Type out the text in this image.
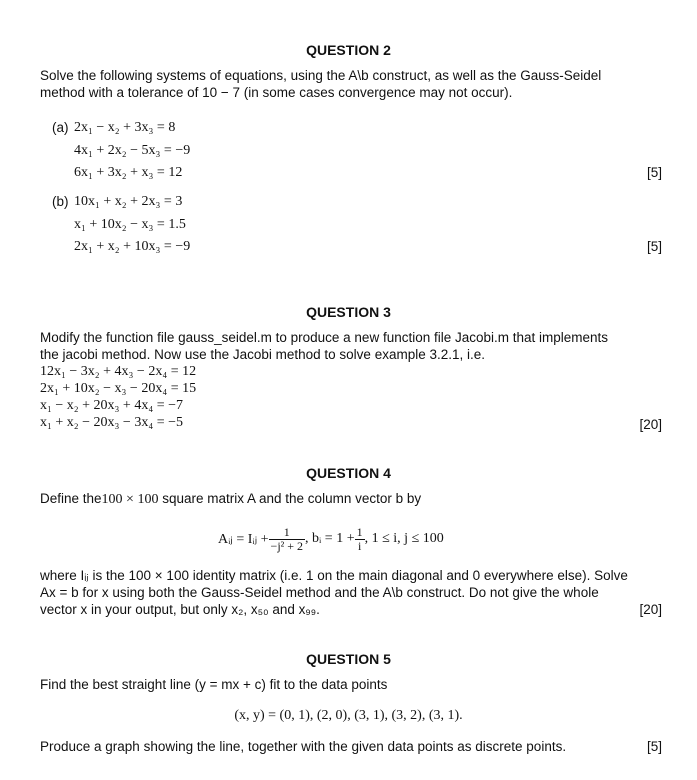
QUESTION 2
Solve the following systems of equations, using the A\b construct, as well as the Gauss-Seidel
method with a tolerance of 10 − 7 (in some cases convergence may not occur).
(a) 2x₁ − x₂ + 3x₃ = 8
4x₁ + 2x₂ − 5x₃ = −9
6x₁ + 3x₂ + x₃ = 12	[5]
(b) 10x₁ + x₂ + 2x₃ = 3
x₁ + 10x₂ − x₃ = 1.5
2x₁ + x₂ + 10x₃ = −9	[5]
QUESTION 3
Modify the function file gauss_seidel.m to produce a new function file Jacobi.m that implements
the jacobi method. Now use the Jacobi method to solve example 3.2.1, i.e.
12x₁ − 3x₂ + 4x₃ − 2x₄ = 12
2x₁ + 10x₂ − x₃ − 20x₄ = 15
x₁ − x₂ + 20x₃ + 4x₄ = −7
x₁ + x₂ − 20x₃ − 3x₄ = −5	[20]
QUESTION 4
Define the100 × 100 square matrix A and the column vector b by
Aᵢⱼ = Iᵢⱼ + $\frac{1}{\text{−j² + 2}}$ , bᵢ = $1 + \frac{1}{i}$ , 1 ≤ i, j ≤ 100
where Iᵢⱼ is the 100 × 100 identity matrix (i.e. 1 on the main diagonal and 0 everywhere else). Solve
Ax = b for x using both the Gauss-Seidel method and the A\b construct. Do not give the whole
vector x in your output, but only x₂, x₅₀ and x₉₉.	[20]
QUESTION 5
Find the best straight line (y = mx + c) fit to the data points
(x, y) = (0, 1), (2, 0), (3, 1), (3, 2), (3, 1).
Produce a graph showing the line, together with the given data points as discrete points.	[5]
